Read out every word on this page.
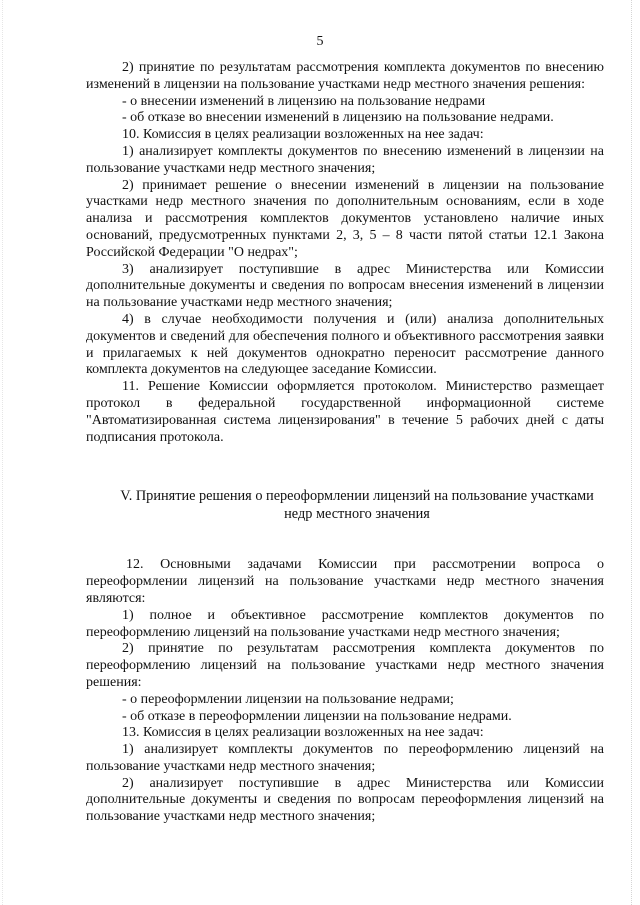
5

2) принятие по результатам рассмотрения комплекта документов по внесению изменений в лицензии на пользование участками недр местного значения решения:

- о внесении изменений в лицензию на пользование недрами

- об отказе во внесении изменений в лицензию на пользование недрами.

10. Комиссия в целях реализации возложенных на нее задач:

1) анализирует комплекты документов по внесению изменений в лицензии на пользование участками недр местного значения;

2) принимает решение о внесении изменений в лицензии на пользование участками недр местного значения по дополнительным основаниям, если в ходе анализа и рассмотрения комплектов документов установлено наличие иных оснований, предусмотренных пунктами 2, 3, 5 – 8 части пятой статьи 12.1 Закона Российской Федерации "О недрах";

3) анализирует поступившие в адрес Министерства или Комиссии дополнительные документы и сведения по вопросам внесения изменений в лицензии на пользование участками недр местного значения;

4) в случае необходимости получения и (или) анализа дополнительных документов и сведений для обеспечения полного и объективного рассмотрения заявки и прилагаемых к ней документов однократно переносит рассмотрение данного комплекта документов на следующее заседание Комиссии.

11. Решение Комиссии оформляется протоколом. Министерство размещает протокол в федеральной государственной информационной системе "Автоматизированная система лицензирования" в течение 5 рабочих дней с даты подписания протокола.

V. Принятие решения о переоформлении лицензий на пользование участками недр местного значения

12. Основными задачами Комиссии при рассмотрении вопроса о переоформлении лицензий на пользование участками недр местного значения являются:

1) полное и объективное рассмотрение комплектов документов по переоформлению лицензий на пользование участками недр местного значения;

2) принятие по результатам рассмотрения комплекта документов по переоформлению лицензий на пользование участками недр местного значения решения:

- о переоформлении лицензии на пользование недрами;

- об отказе в переоформлении лицензии на пользование недрами.

13. Комиссия в целях реализации возложенных на нее задач:

1) анализирует комплекты документов по переоформлению лицензий на пользование участками недр местного значения;

2) анализирует поступившие в адрес Министерства или Комиссии дополнительные документы и сведения по вопросам переоформления лицензий на пользование участками недр местного значения;
